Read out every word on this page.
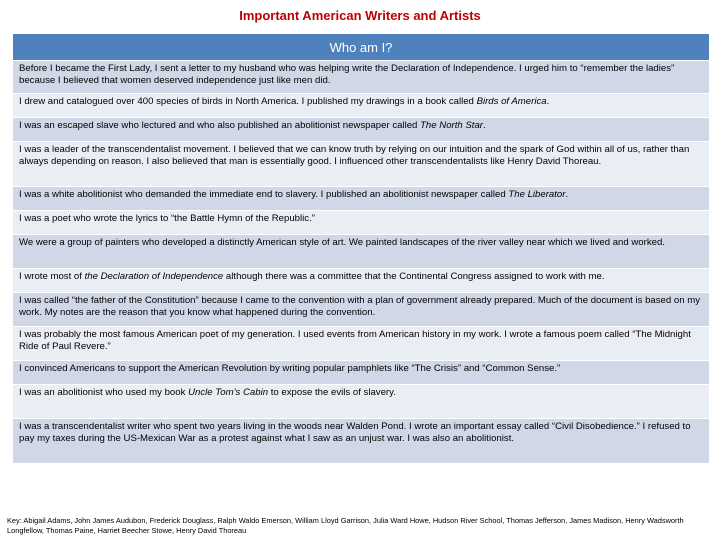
Important American Writers and Artists
Who am I?
Before I became the First Lady, I sent a letter to my husband who was helping write the Declaration of Independence. I urged him to “remember the ladies” because I believed that women deserved independence just like men did.
I drew and catalogued over 400 species of birds in North America. I published my drawings in a book called Birds of America.
I was an escaped slave who lectured and who also published an abolitionist newspaper called The North Star.
I was a leader of the transcendentalist movement. I believed that we can know truth by relying on our intuition and the spark of God within all of us, rather than always depending on reason. I also believed that man is essentially good. I influenced other transcendentalists like Henry David Thoreau.
I was a white abolitionist who demanded the immediate end to slavery. I published an abolitionist newspaper called The Liberator.
I was a poet who wrote the lyrics to “the Battle Hymn of the Republic.”
We were a group of painters who developed a distinctly American style of art. We painted landscapes of the river valley near which we lived and worked.
I wrote most of the Declaration of Independence although there was a committee that the Continental Congress assigned to work with me.
I was called “the father of the Constitution” because I came to the convention with a plan of government already prepared. Much of the document is based on my work. My notes are the reason that you know what happened during the convention.
I was probably the most famous American poet of my generation. I used events from American history in my work. I wrote a famous poem called “The Midnight Ride of Paul Revere.”
I convinced Americans to support the American Revolution by writing popular pamphlets like “The Crisis” and “Common Sense.”
I was an abolitionist who used my book Uncle Tom’s Cabin to expose the evils of slavery.
I was a transcendentalist writer who spent two years living in the woods near Walden Pond. I wrote an important essay called “Civil Disobedience.” I refused to pay my taxes during the US-Mexican War as a protest against what I saw as an unjust war. I was also an abolitionist.
Key: Abigail Adams, John James Audubon, Frederick Douglass, Ralph Waldo Emerson, William Lloyd Garrison, Julia Ward Howe, Hudson River School, Thomas Jefferson, James Madison, Henry Wadsworth Longfellow, Thomas Paine, Harriet Beecher Stowe, Henry David Thoreau
